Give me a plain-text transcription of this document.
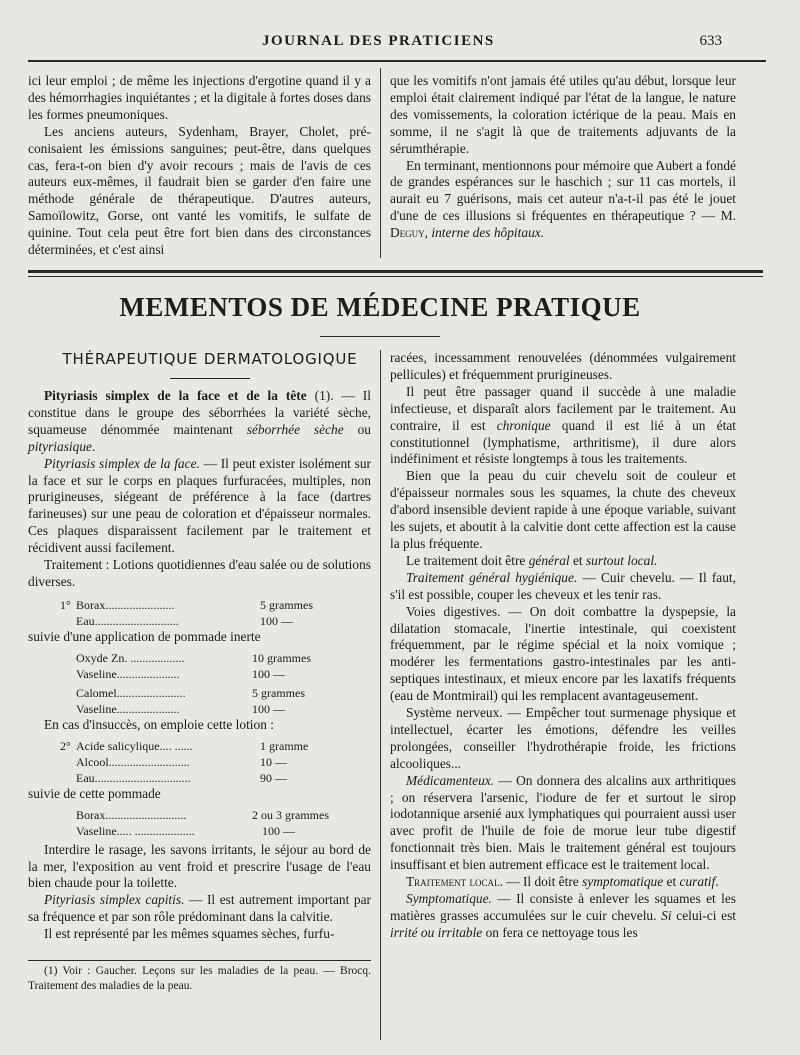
JOURNAL DES PRATICIENS	633

ici leur emploi ; de même les injections d'ergotine quand il y a des hémorrhagies inquiétantes ; et la digitale à fortes doses dans les formes pneumoniques.

Les anciens auteurs, Sydenham, Brayer, Cholet, préconisaient les émissions sanguines; peut-être, dans quelques cas, fera-t-on bien d'y avoir recours ; mais de l'avis de ces auteurs eux-mêmes, il faudrait bien se garder d'en faire une méthode générale de thérapeutique. D'autres auteurs, Samoïlowitz, Gorse, ont vanté les vomitifs, le sulfate de quinine. Tout cela peut être fort bien dans des circonstances déterminées, et c'est ainsi

que les vomitifs n'ont jamais été utiles qu'au début, lorsque leur emploi était clairement indiqué par l'état de la langue, le nature des vomissements, la coloration ictérique de la peau. Mais en somme, il ne s'agit là que de traitements adjuvants de la sérumthérapie.

En terminant, mentionnons pour mémoire que Aubert a fondé de grandes espérances sur le haschich ; sur 11 cas mortels, il aurait eu 7 guérisons, mais cet auteur n'a-t-il pas été le jouet d'une de ces illusions si fréquentes en thérapeutique ? — M. Deguy, interne des hôpitaux.

MEMENTOS DE MÉDECINE PRATIQUE
THÉRAPEUTIQUE DERMATOLOGIQUE

Pityriasis simplex de la face et de la tête (1). — Il constitue dans le groupe des séborrhées la variété sèche, squameuse dénommée maintenant séborrhée sèche ou pityriasique.

Pityriasis simplex de la face. — Il peut exister isolément sur la face et sur le corps en plaques furfuracées, multiples, non prurigineuses, siégeant de préférence à la face (dartres farineuses) sur une peau de coloration et d'épaisseur normales. Ces plaques disparaissent facilement par le traitement et récidivent aussi facilement.

Traitement : Lotions quotidiennes d'eau salée ou de solutions diverses.

1° Borax.......................	5 grammes
Eau............................	100 —

suivie d'une application de pommade inerte

Oxyde Zn. ..................	10 grammes
Vaseline.....................	100 —
Calomel.......................	5 grammes
Vaseline.....................	100 —

En cas d'insuccès, on emploie cette lotion :

2° Acide salicylique.... ......	1 gramme
Alcool...........................	10 —
Eau................................	90 —

suivie de cette pommade

Borax...........................	2 ou 3 grammes
Vaseline..... ....................	100 —

Interdire le rasage, les savons irritants, le séjour au bord de la mer, l'exposition au vent froid et prescrire l'usage de l'eau bien chaude pour la toilette.

Pityriasis simplex capitis. — Il est autrement important par sa fréquence et par son rôle prédominant dans la calvitie.

Il est représenté par les mêmes squames sèches, furfu-

(1) Voir : Gaucher. Leçons sur les maladies de la peau. — Brocq. Traitement des maladies de la peau.

racées, incessamment renouvelées (dénommées vulgairement pellicules) et fréquemment prurigineuses.

Il peut être passager quand il succède à une maladie infectieuse, et disparaît alors facilement par le traitement. Au contraire, il est chronique quand il est lié à un état constitutionnel (lymphatisme, arthritisme), il dure alors indéfiniment et résiste longtemps à tous les traitements.

Bien que la peau du cuir chevelu soit de couleur et d'épaisseur normales sous les squames, la chute des cheveux d'abord insensible devient rapide à une époque variable, suivant les sujets, et aboutit à la calvitie dont cette affection est la cause la plus fréquente.

Le traitement doit être général et surtout local.

Traitement général hygiénique. — Cuir chevelu. — Il faut, s'il est possible, couper les cheveux et les tenir ras.

Voies digestives. — On doit combattre la dyspepsie, la dilatation stomacale, l'inertie intestinale, qui coexistent fréquemment, par le régime spécial et la noix vomique ; modérer les fermentations gastro-intestinales par les antiseptiques intestinaux, et mieux encore par les laxatifs fréquents (eau de Montmirail) qui les remplacent avantageusement.

Système nerveux. — Empêcher tout surmenage physique et intellectuel, écarter les émotions, défendre les veilles prolongées, conseiller l'hydrothérapie froide, les frictions alcooliques...

Médicamenteux. — On donnera des alcalins aux arthritiques ; on réservera l'arsenic, l'iodure de fer et surtout le sirop iodotannique arsenié aux lymphatiques qui pourraient aussi user avec profit de l'huile de foie de morue leur tube digestif fonctionnait très bien. Mais le traitement général est toujours insuffisant et bien autrement efficace est le traitement local.

Traitement local. — Il doit être symptomatique et curatif.

Symptomatique. — Il consiste à enlever les squames et les matières grasses accumulées sur le cuir chevelu. Si celui-ci est irrité ou irritable on fera ce nettoyage tous les
